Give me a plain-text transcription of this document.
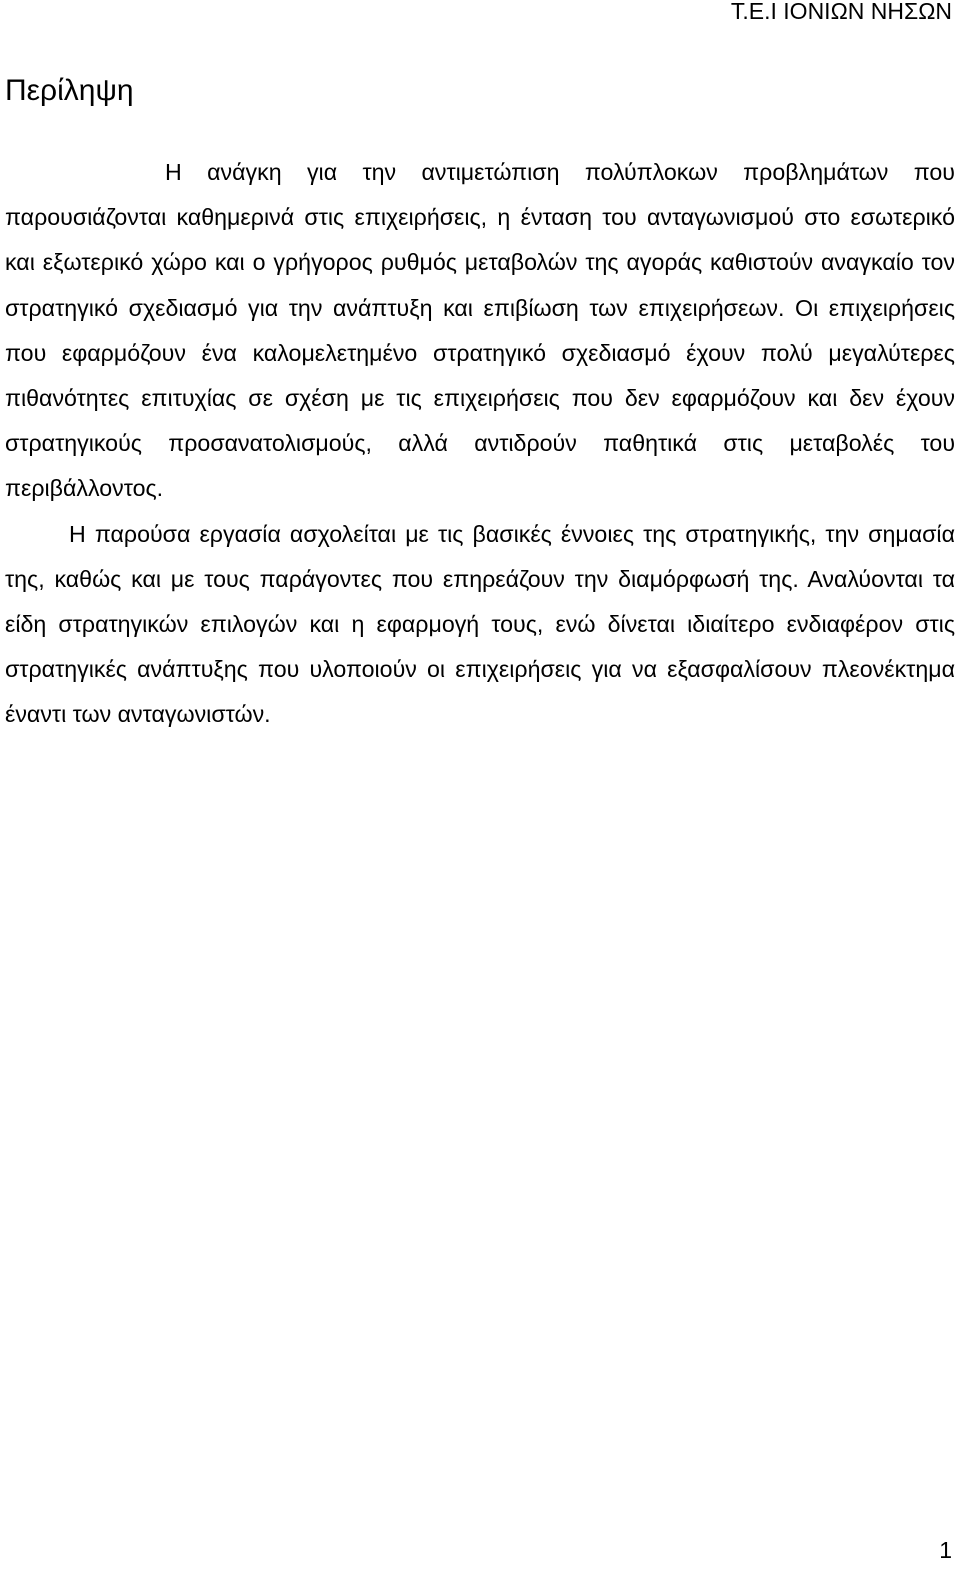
Τ.Ε.Ι ΙΟΝΙΩΝ ΝΗΣΩΝ
Περίληψη

Η ανάγκη για την αντιμετώπιση πολύπλοκων προβλημάτων που παρουσιάζονται καθημερινά στις επιχειρήσεις, η ένταση του ανταγωνισμού στο εσωτερικό και εξωτερικό χώρο και ο γρήγορος ρυθμός μεταβολών της αγοράς καθιστούν αναγκαίο τον στρατηγικό σχεδιασμό για την ανάπτυξη και επιβίωση των επιχειρήσεων. Οι επιχειρήσεις που εφαρμόζουν ένα καλομελετημένο στρατηγικό σχεδιασμό έχουν πολύ μεγαλύτερες πιθανότητες επιτυχίας σε σχέση με τις επιχειρήσεις που δεν εφαρμόζουν και δεν έχουν στρατηγικούς προσανατολισμούς, αλλά αντιδρούν παθητικά στις μεταβολές του περιβάλλοντος.

Η παρούσα εργασία ασχολείται με τις βασικές έννοιες της στρατηγικής, την σημασία της, καθώς και με τους παράγοντες που επηρεάζουν την διαμόρφωσή της. Αναλύονται τα είδη στρατηγικών επιλογών και η εφαρμογή τους, ενώ δίνεται ιδιαίτερο ενδιαφέρον στις στρατηγικές ανάπτυξης που υλοποιούν οι επιχειρήσεις για να εξασφαλίσουν πλεονέκτημα έναντι των ανταγωνιστών.

1
